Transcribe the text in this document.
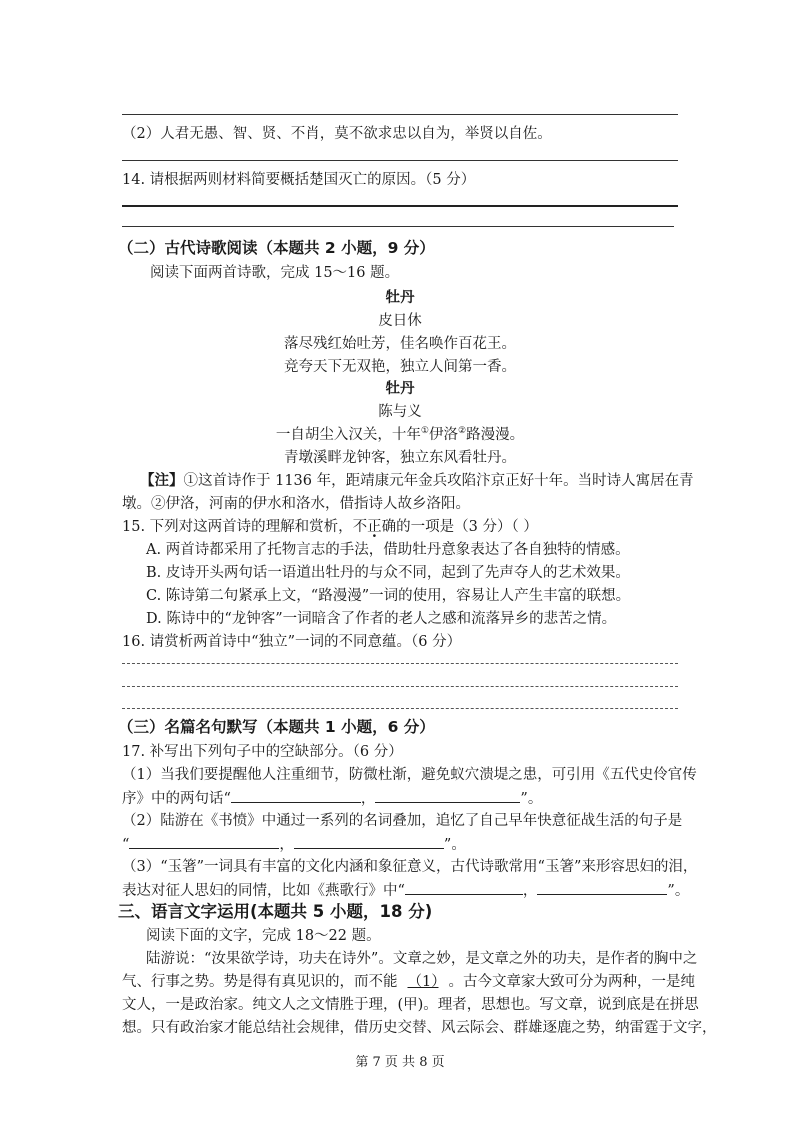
（2）人君无愚、智、贤、不肖，莫不欲求忠以自为，举贤以自佐。
14. 请根据两则材料简要概括楚国灭亡的原因。（5 分）
（二）古代诗歌阅读（本题共 2 小题，9 分）
阅读下面两首诗歌，完成 15～16 题。
牡丹
皮日休
落尽残红始吐芳，佳名唤作百花王。
竞夸天下无双艳，独立人间第一香。
牡丹
陈与义
一自胡尘入汉关，十年①伊洛②路漫漫。
青墩溪畔龙钟客，独立东风看牡丹。
【注】①这首诗作于 1136 年，距靖康元年金兵攻陷汴京正好十年。当时诗人寓居在青
墩。②伊洛，河南的伊水和洛水，借指诗人故乡洛阳。
15. 下列对这两首诗的理解和赏析，不正确的一项是（3 分）（ ）
A. 两首诗都采用了托物言志的手法，借助牡丹意象表达了各自独特的情感。
B. 皮诗开头两句话一语道出牡丹的与众不同，起到了先声夺人的艺术效果。
C. 陈诗第二句紧承上文，“路漫漫”一词的使用，容易让人产生丰富的联想。
D. 陈诗中的“龙钟客”一词暗含了作者的老人之感和流落异乡的悲苦之情。
16. 请赏析两首诗中“独立”一词的不同意蕴。（6 分）
（三）名篇名句默写（本题共 1 小题，6 分）
17. 补写出下列句子中的空缺部分。（6 分）
（1）当我们要提醒他人注重细节，防微杜渐，避免蚁穴溃堤之患，可引用《五代史伶官传
序》中的两句话“	，	”。
（2）陆游在《书愤》中通过一系列的名词叠加，追忆了自己早年快意征战生活的句子是
“	，	”。
（3）“玉箸”一词具有丰富的文化内涵和象征意义，古代诗歌常用“玉箸”来形容思妇的泪，
表达对征人思妇的同情，比如《燕歌行》中“	，	”。
三、语言文字运用(本题共 5 小题，18 分)
阅读下面的文字，完成 18～22 题。
陆游说：“汝果欲学诗，功夫在诗外”。文章之妙，是文章之外的功夫，是作者的胸中之
气、行事之势。势是得有真见识的，而不能 （1） 。古今文章家大致可分为两种，一是纯
文人，一是政治家。纯文人之文情胜于理，(甲)。理者，思想也。写文章，说到底是在拼思
想。只有政治家才能总结社会规律，借历史交替、风云际会、群雄逐鹿之势，纳雷霆于文字，
第 7 页 共 8 页
